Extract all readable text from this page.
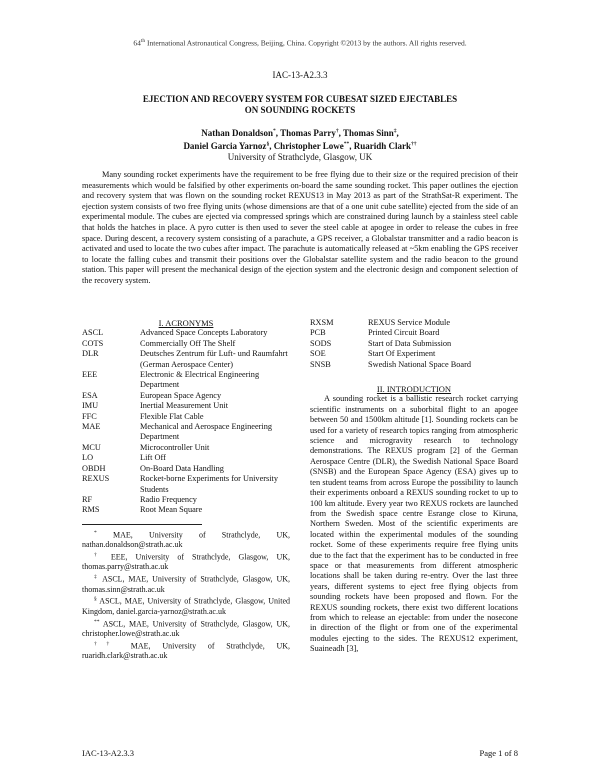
64th International Astronautical Congress, Beijing, China. Copyright ©2013 by the authors. All rights reserved.
IAC-13-A2.3.3
EJECTION AND RECOVERY SYSTEM FOR CUBESAT SIZED EJECTABLES
ON SOUNDING ROCKETS
Nathan Donaldson*, Thomas Parry†, Thomas Sinn‡,
Daniel Garcia Yarnoz§, Christopher Lowe**, Ruaridh Clark††
University of Strathclyde, Glasgow, UK

Many sounding rocket experiments have the requirement to be free flying due to their size or the required precision of their measurements which would be falsified by other experiments on-board the same sounding rocket. This paper outlines the ejection and recovery system that was flown on the sounding rocket REXUS13 in May 2013 as part of the StrathSat-R experiment. The ejection system consists of two free flying units (whose dimensions are that of a one unit cube satellite) ejected from the side of an experimental module. The cubes are ejected via compressed springs which are constrained during launch by a stainless steel cable that holds the hatches in place. A pyro cutter is then used to sever the steel cable at apogee in order to release the cubes in free space. During descent, a recovery system consisting of a parachute, a GPS receiver, a Globalstar transmitter and a radio beacon is activated and used to locate the two cubes after impact. The parachute is automatically released at ~5km enabling the GPS receiver to locate the falling cubes and transmit their positions over the Globalstar satellite system and the radio beacon to the ground station. This paper will present the mechanical design of the ejection system and the electronic design and component selection of the recovery system.

I. ACRONYMS

ASCL	Advanced Space Concepts Laboratory
COTS	Commercially Off The Shelf
DLR	Deutsches Zentrum für Luft- und Raumfahrt (German Aerospace Center)
EEE	Electronic & Electrical Engineering Department
ESA	European Space Agency
IMU	Inertial Measurement Unit
FFC	Flexible Flat Cable
MAE	Mechanical and Aerospace Engineering Department
MCU	Microcontroller Unit
LO	Lift Off
OBDH	On-Board Data Handling
REXUS	Rocket-borne Experiments for University Students
RF	Radio Frequency
RMS	Root Mean Square

* MAE, University of Strathclyde, UK, nathan.donaldson@strath.ac.uk

† EEE, University of Strathclyde, Glasgow, UK, thomas.parry@strath.ac.uk

‡ ASCL, MAE, University of Strathclyde, Glasgow, UK, thomas.sinn@strath.ac.uk

§ ASCL, MAE, University of Strathclyde, Glasgow, United Kingdom, daniel.garcia-yarnoz@strath.ac.uk

** ASCL, MAE, University of Strathclyde, Glasgow, UK, christopher.lowe@strath.ac.uk

†† MAE, University of Strathclyde, UK, ruaridh.clark@strath.ac.uk

RXSM	REXUS Service Module
PCB	Printed Circuit Board
SODS	Start of Data Submission
SOE	Start Of Experiment
SNSB	Swedish National Space Board

II. INTRODUCTION

A sounding rocket is a ballistic research rocket carrying scientific instruments on a suborbital flight to an apogee between 50 and 1500km altitude [1]. Sounding rockets can be used for a variety of research topics ranging from atmospheric science and microgravity research to technology demonstrations. The REXUS program [2] of the German Aerospace Centre (DLR), the Swedish National Space Board (SNSB) and the European Space Agency (ESA) gives up to ten student teams from across Europe the possibility to launch their experiments onboard a REXUS sounding rocket to up to 100 km altitude. Every year two REXUS rockets are launched from the Swedish space centre Esrange close to Kiruna, Northern Sweden. Most of the scientific experiments are located within the experimental modules of the sounding rocket. Some of these experiments require free flying units due to the fact that the experiment has to be conducted in free space or that measurements from different atmospheric locations shall be taken during re-entry. Over the last three years, different systems to eject free flying objects from sounding rockets have been proposed and flown. For the REXUS sounding rockets, there exist two different locations from which to release an ejectable: from under the nosecone in direction of the flight or from one of the experimental modules ejecting to the sides. The REXUS12 experiment, Suaineadh [3],

IAC-13-A2.3.3	Page 1 of 8
